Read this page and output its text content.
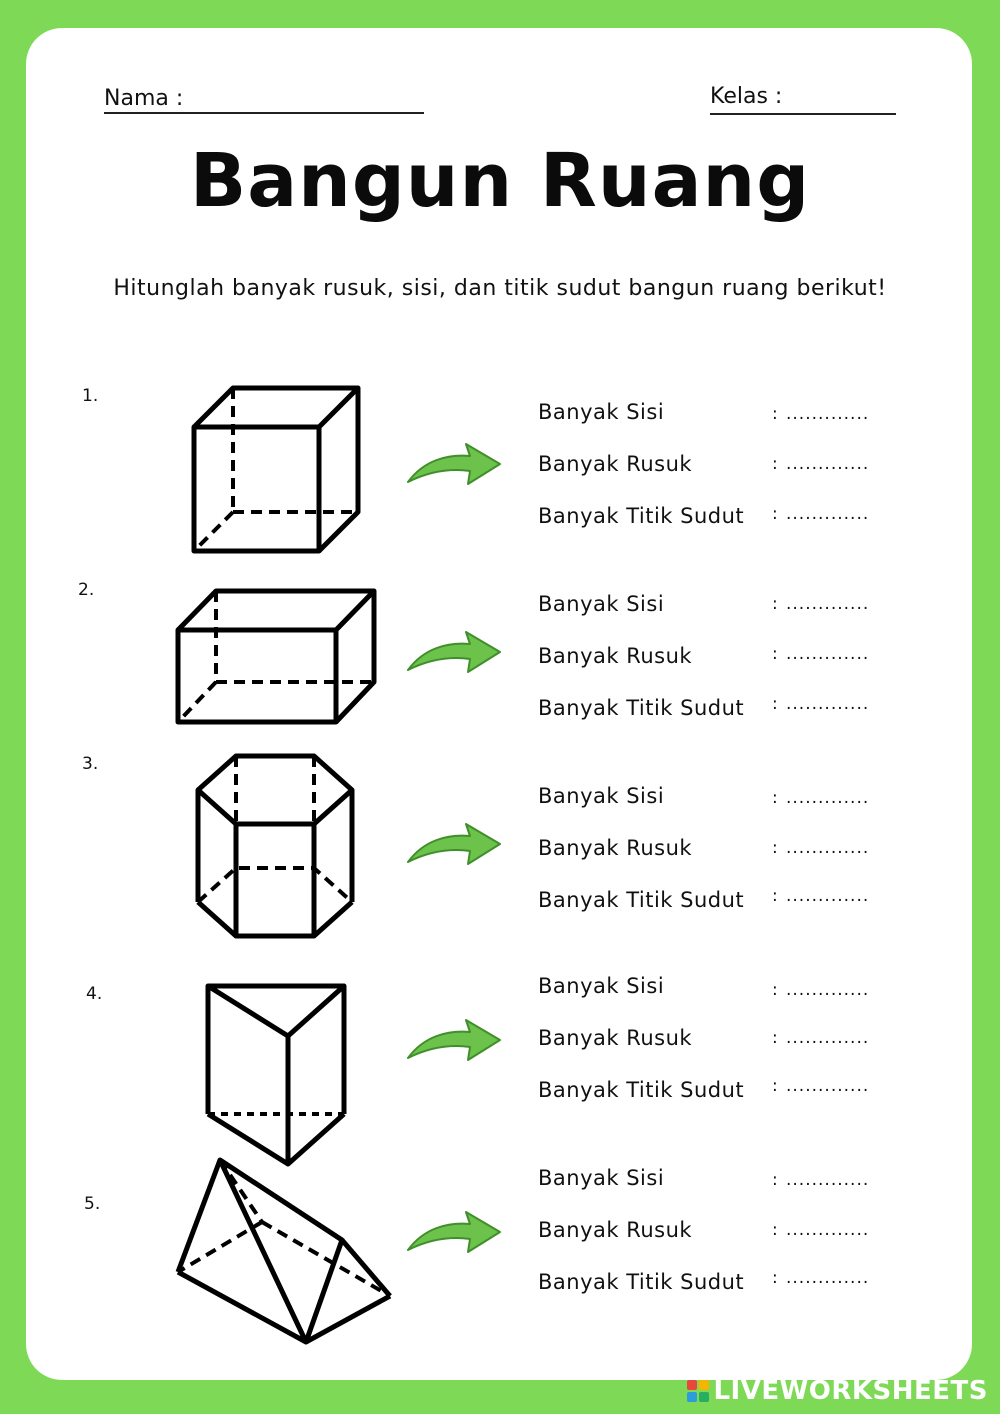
Nama :	Kelas :
Bangun Ruang
Hitunglah banyak rusuk, sisi, dan titik sudut bangun ruang berikut!
1.
2.
3.
4.
5.
Banyak Sisi	: .............
Banyak Rusuk	: .............
Banyak Titik Sudut : .............
Banyak Sisi	: .............
Banyak Rusuk	: .............
Banyak Titik Sudut : .............
Banyak Sisi	: .............
Banyak Rusuk	: .............
Banyak Titik Sudut : .............
Banyak Sisi	: .............
Banyak Rusuk	: .............
Banyak Titik Sudut : .............
Banyak Sisi	: .............
Banyak Rusuk	: .............
Banyak Titik Sudut : .............
LIVEWORKSHEETS
